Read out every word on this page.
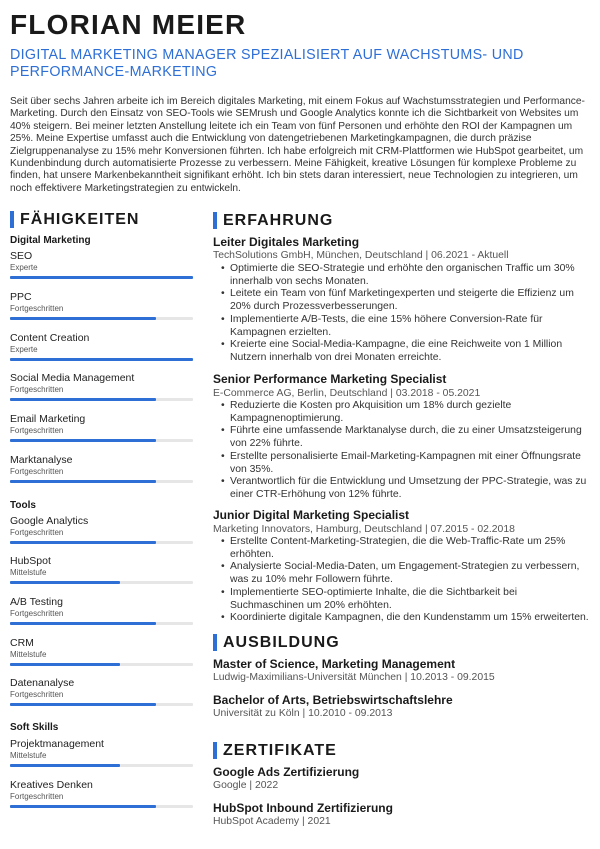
FLORIAN MEIER
DIGITAL MARKETING MANAGER SPEZIALISIERT AUF WACHSTUMS- UND PERFORMANCE-MARKETING
Seit über sechs Jahren arbeite ich im Bereich digitales Marketing, mit einem Fokus auf Wachstumsstrategien und Performance-Marketing. Durch den Einsatz von SEO-Tools wie SEMrush und Google Analytics konnte ich die Sichtbarkeit von Websites um 40% steigern. Bei meiner letzten Anstellung leitete ich ein Team von fünf Personen und erhöhte den ROI der Kampagnen um 25%. Meine Expertise umfasst auch die Entwicklung von datengetriebenen Marketingkampagnen, die durch präzise Zielgruppenanalyse zu 15% mehr Konversionen führten. Ich habe erfolgreich mit CRM-Plattformen wie HubSpot gearbeitet, um Kundenbindung durch automatisierte Prozesse zu verbessern. Meine Fähigkeit, kreative Lösungen für komplexe Probleme zu finden, hat unsere Markenbekanntheit signifikant erhöht. Ich bin stets daran interessiert, neue Technologien zu integrieren, um noch effektivere Marketingstrategien zu entwickeln.
FÄHIGKEITEN
Digital Marketing
SEO
Experte
PPC
Fortgeschritten
Content Creation
Experte
Social Media Management
Fortgeschritten
Email Marketing
Fortgeschritten
Marktanalyse
Fortgeschritten
Tools
Google Analytics
Fortgeschritten
HubSpot
Mittelstufe
A/B Testing
Fortgeschritten
CRM
Mittelstufe
Datenanalyse
Fortgeschritten
Soft Skills
Projektmanagement
Mittelstufe
Kreatives Denken
Fortgeschritten
ERFAHRUNG
Leiter Digitales Marketing
TechSolutions GmbH, München, Deutschland | 06.2021 - Aktuell
• Optimierte die SEO-Strategie und erhöhte den organischen Traffic um 30% innerhalb von sechs Monaten.
• Leitete ein Team von fünf Marketingexperten und steigerte die Effizienz um 20% durch Prozessverbesserungen.
• Implementierte A/B-Tests, die eine 15% höhere Conversion-Rate für Kampagnen erzielten.
• Kreierte eine Social-Media-Kampagne, die eine Reichweite von 1 Million Nutzern innerhalb von drei Monaten erreichte.
Senior Performance Marketing Specialist
E-Commerce AG, Berlin, Deutschland | 03.2018 - 05.2021
• Reduzierte die Kosten pro Akquisition um 18% durch gezielte Kampagnenoptimierung.
• Führte eine umfassende Marktanalyse durch, die zu einer Umsatzsteigerung von 22% führte.
• Erstellte personalisierte Email-Marketing-Kampagnen mit einer Öffnungsrate von 35%.
• Verantwortlich für die Entwicklung und Umsetzung der PPC-Strategie, was zu einer CTR-Erhöhung von 12% führte.
Junior Digital Marketing Specialist
Marketing Innovators, Hamburg, Deutschland | 07.2015 - 02.2018
• Erstellte Content-Marketing-Strategien, die die Web-Traffic-Rate um 25% erhöhten.
• Analysierte Social-Media-Daten, um Engagement-Strategien zu verbessern, was zu 10% mehr Followern führte.
• Implementierte SEO-optimierte Inhalte, die die Sichtbarkeit bei Suchmaschinen um 20% erhöhten.
• Koordinierte digitale Kampagnen, die den Kundenstamm um 15% erweiterten.
AUSBILDUNG
Master of Science, Marketing Management
Ludwig-Maximilians-Universität München | 10.2013 - 09.2015
Bachelor of Arts, Betriebswirtschaftslehre
Universität zu Köln | 10.2010 - 09.2013
ZERTIFIKATE
Google Ads Zertifizierung
Google | 2022
HubSpot Inbound Zertifizierung
HubSpot Academy | 2021
